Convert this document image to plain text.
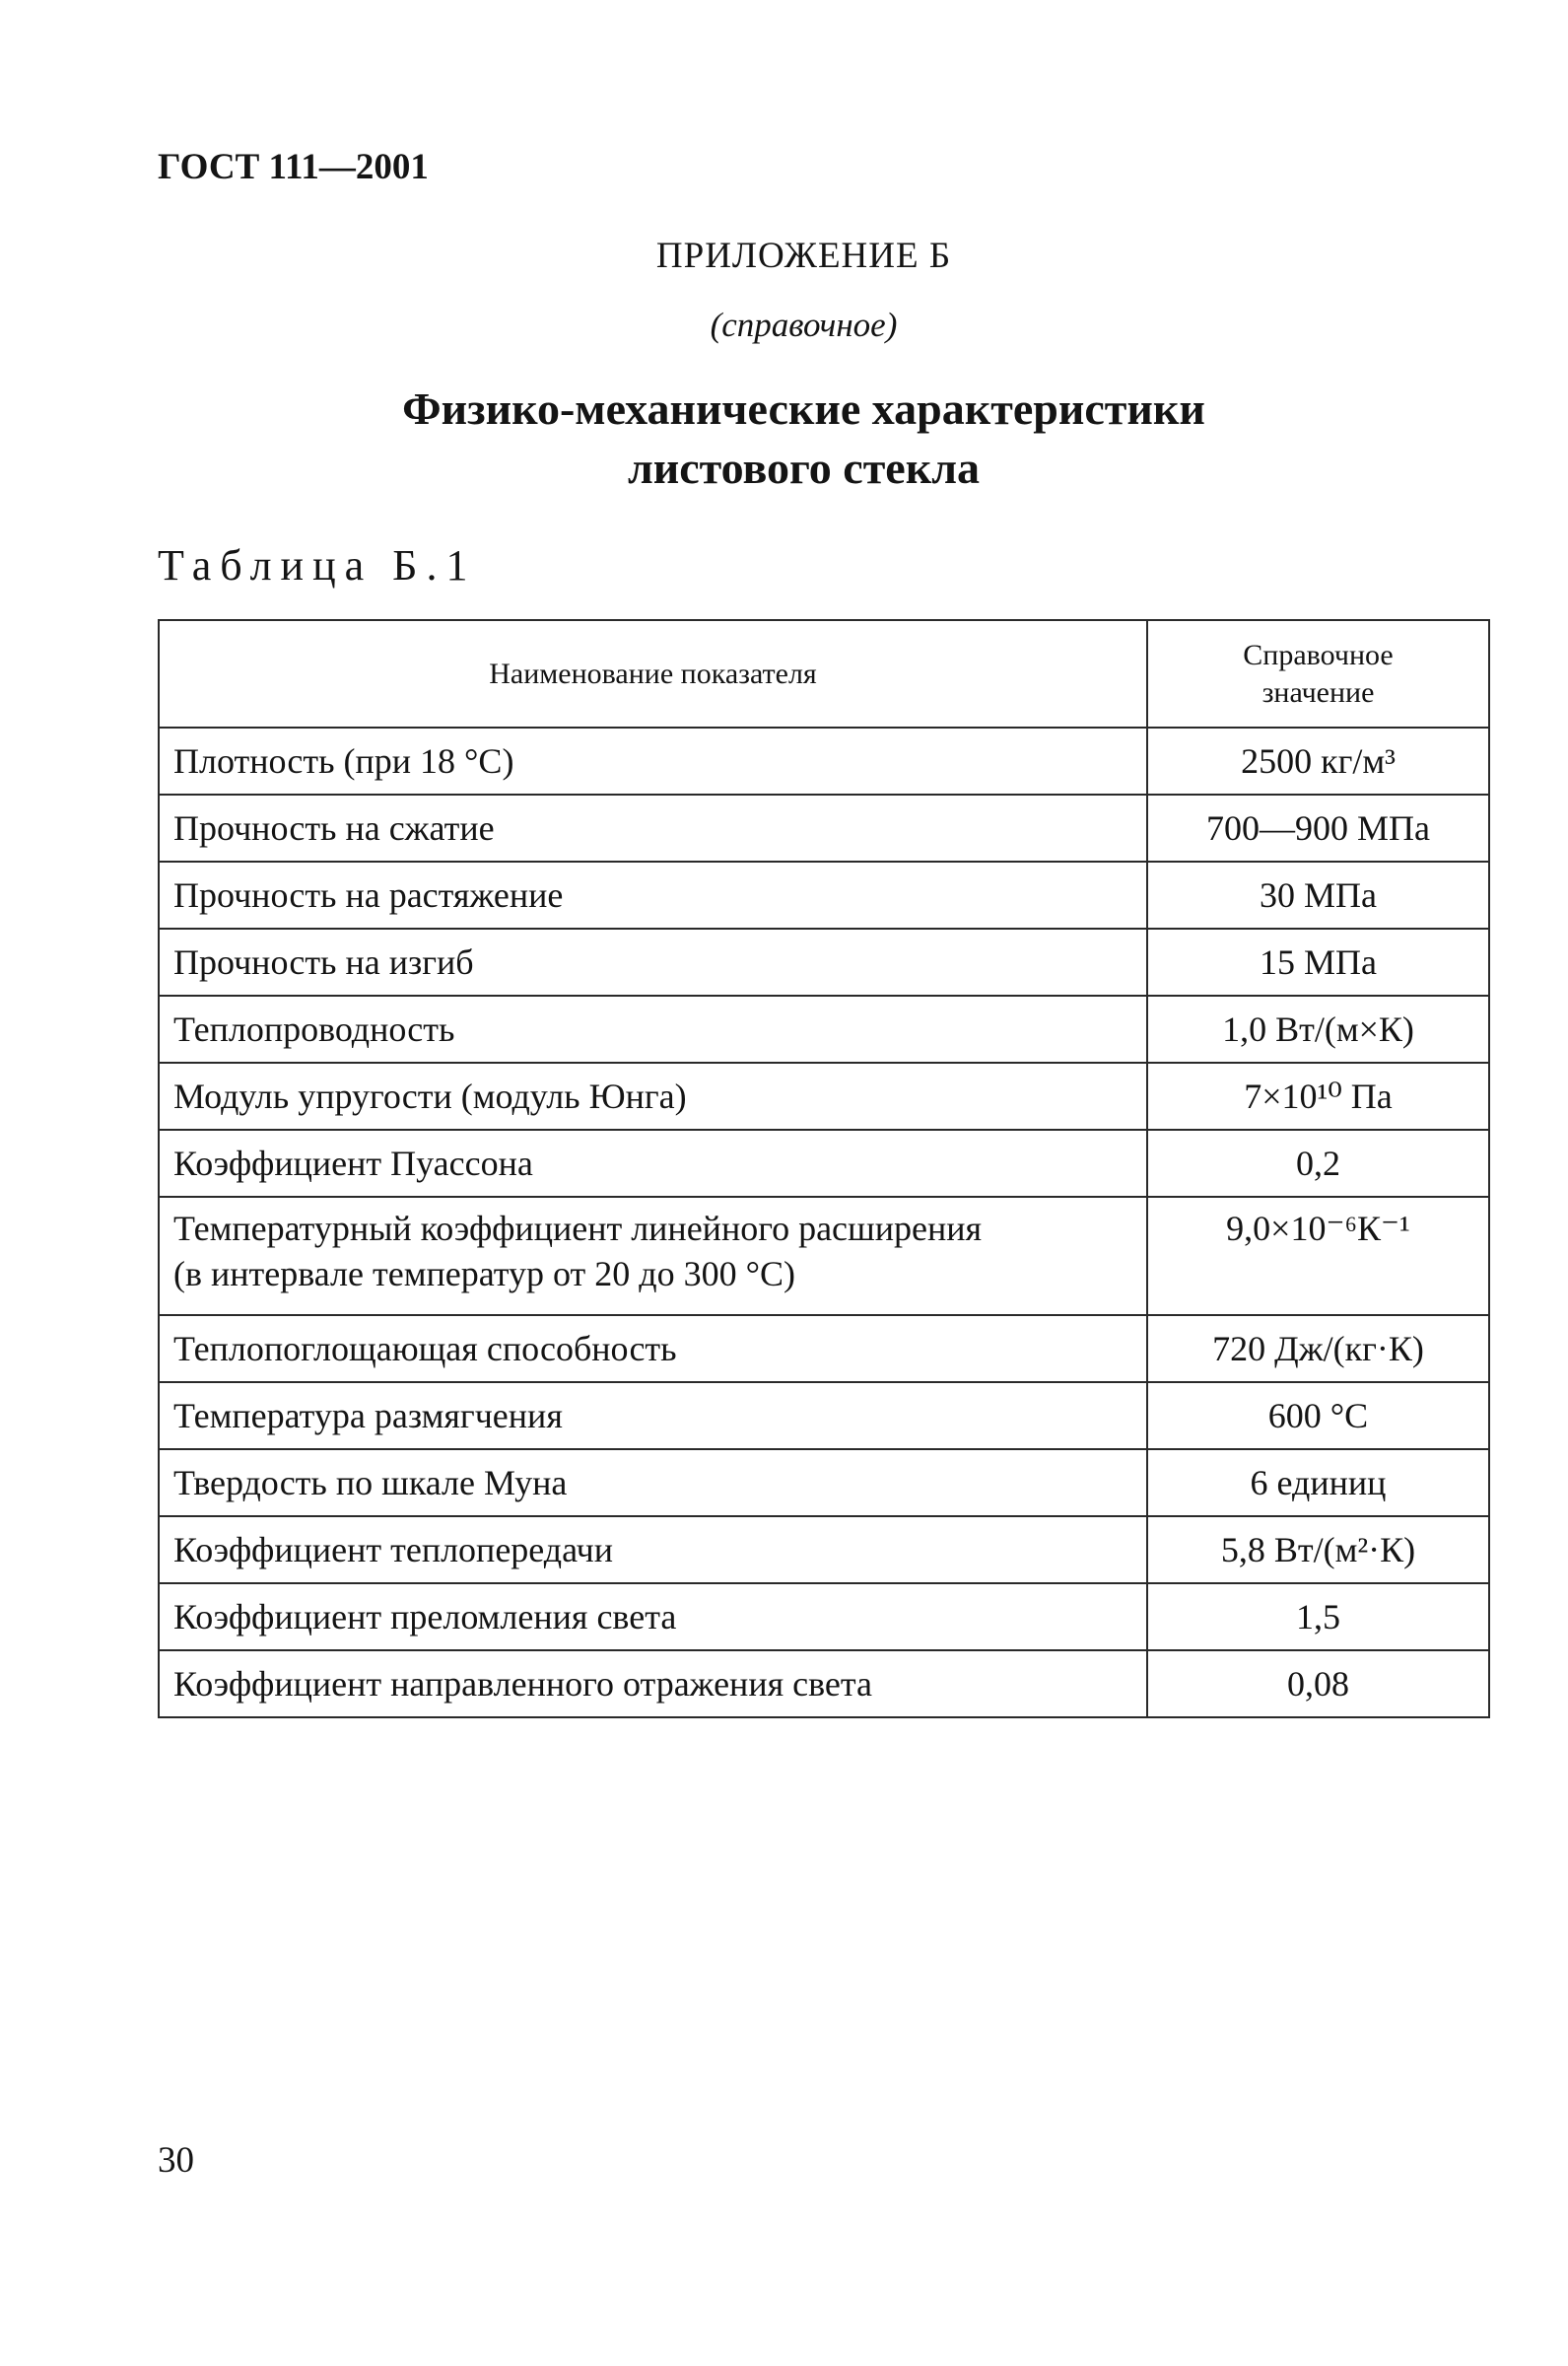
ГОСТ 111—2001
ПРИЛОЖЕНИЕ Б
(справочное)
Физико-механические характеристики
листового стекла
Таблица Б.1
Наименование показателя	Справочное
значение

Плотность (при 18 °С)	2500 кг/м³
Прочность на сжатие	700—900 МПа
Прочность на растяжение	30 МПа
Прочность на изгиб	15 МПа
Теплопроводность	1,0 Вт/(м×К)
Модуль упругости (модуль Юнга)	7×10¹⁰ Па
Коэффициент Пуассона	0,2

Температурный коэффициент линейного расширения
(в интервале температур от 20 до 300 °С)	9,0×10⁻⁶К⁻¹
Теплопоглощающая способность	720 Дж/(кг·К)
Температура размягчения	600 °С
Твердость по шкале Муна	6 единиц
Коэффициент теплопередачи	5,8 Вт/(м²·К)
Коэффициент преломления света	1,5
Коэффициент направленного отражения света	0,08
30
